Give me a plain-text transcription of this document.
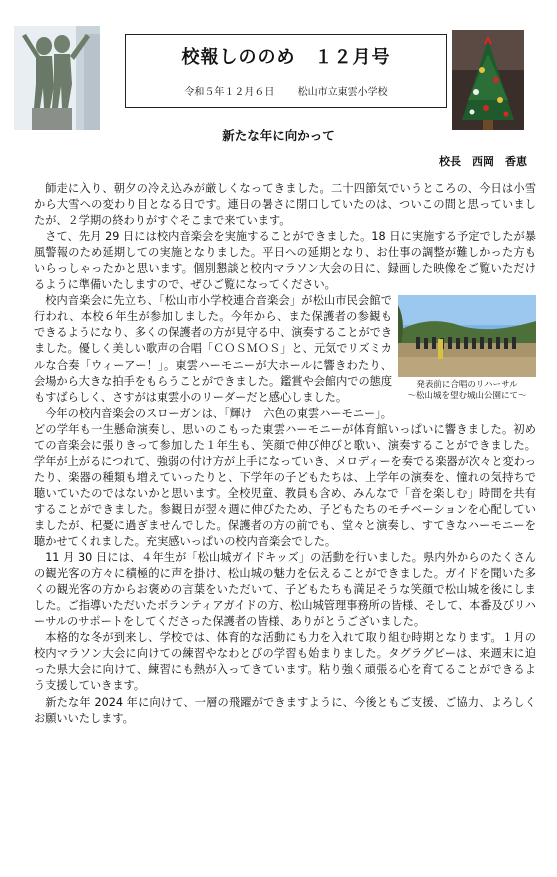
校報しののめ　１２月号
令和５年１２月６日 松山市立東雲小学校
新たな年に向かって
校長　西岡　香恵

師走に入り、朝夕の冷え込みが厳しくなってきました。二十四節気でいうところの、今日は小雪から大雪への変わり目となる日です。連日の暑さに閉口していたのは、ついこの間と思っていましたが、２学期の終わりがすぐそこまで来ています。

さて、先月 29 日には校内音楽会を実施することができました。18 日に実施する予定でしたが暴風警報のため延期しての実施となりました。平日への延期となり、お仕事の調整が難しかった方もいらっしゃったかと思います。個別懇談と校内マラソン大会の日に、録画した映像をご覧いただけるように準備いたしますので、ぜひご覧になってください。

発表前に合唱のリハーサル
～松山城を望む城山公園にて～

校内音楽会に先立ち、「松山市小学校連合音楽会」が松山市民会館で行われ、本校６年生が参加しました。今年から、また保護者の参観もできるようになり、多くの保護者の方が見守る中、演奏することができました。優しく美しい歌声の合唱「ＣＯＳＭＯＳ」と、元気でリズミカルな合奏「ウィーアー！」。東雲ハーモニーが大ホールに響きわたり、会場から大きな拍手をもらうことができました。鑑賞や会館内での態度もすばらしく、さすがは東雲小のリーダーだと感心しました。

今年の校内音楽会のスローガンは、「輝け　六色の東雲ハーモニー」。どの学年も一生懸命演奏し、思いのこもった東雲ハーモニーが体育館いっぱいに響きました。初めての音楽会に張りきって参加した１年生も、笑顔で伸び伸びと歌い、演奏することができました。学年が上がるにつれて、強弱の付け方が上手になっていき、メロディーを奏でる楽器が次々と変わったり、楽器の種類も増えていったりと、下学年の子どもたちは、上学年の演奏を、憧れの気持ちで聴いていたのではないかと思います。全校児童、教員も含め、みんなで「音を楽しむ」時間を共有することができました。参観日が翌々週に伸びたため、子どもたちのモチベーションを心配していましたが、杞憂に過ぎませんでした。保護者の方の前でも、堂々と演奏し、すてきなハーモニーを聴かせてくれました。充実感いっぱいの校内音楽会でした。

11 月 30 日には、４年生が「松山城ガイドキッズ」の活動を行いました。県内外からのたくさんの観光客の方々に積極的に声を掛け、松山城の魅力を伝えることができました。ガイドを聞いた多くの観光客の方からお褒めの言葉をいただいて、子どもたちも満足そうな笑顔で松山城を後にしました。ご指導いただいたボランティアガイドの方、松山城管理事務所の皆様、そして、本番及びリハーサルのサポートをしてくださった保護者の皆様、ありがとうございました。

本格的な冬が到来し、学校では、体育的な活動にも力を入れて取り組む時期となります。１月の校内マラソン大会に向けての練習やなわとびの学習も始まりました。タグラグビーは、来週末に迫った県大会に向けて、練習にも熱が入ってきています。粘り強く頑張る心を育てることができるよう支援していきます。

新たな年 2024 年に向けて、一層の飛躍ができますように、今後ともご支援、ご協力、よろしくお願いいたします。
